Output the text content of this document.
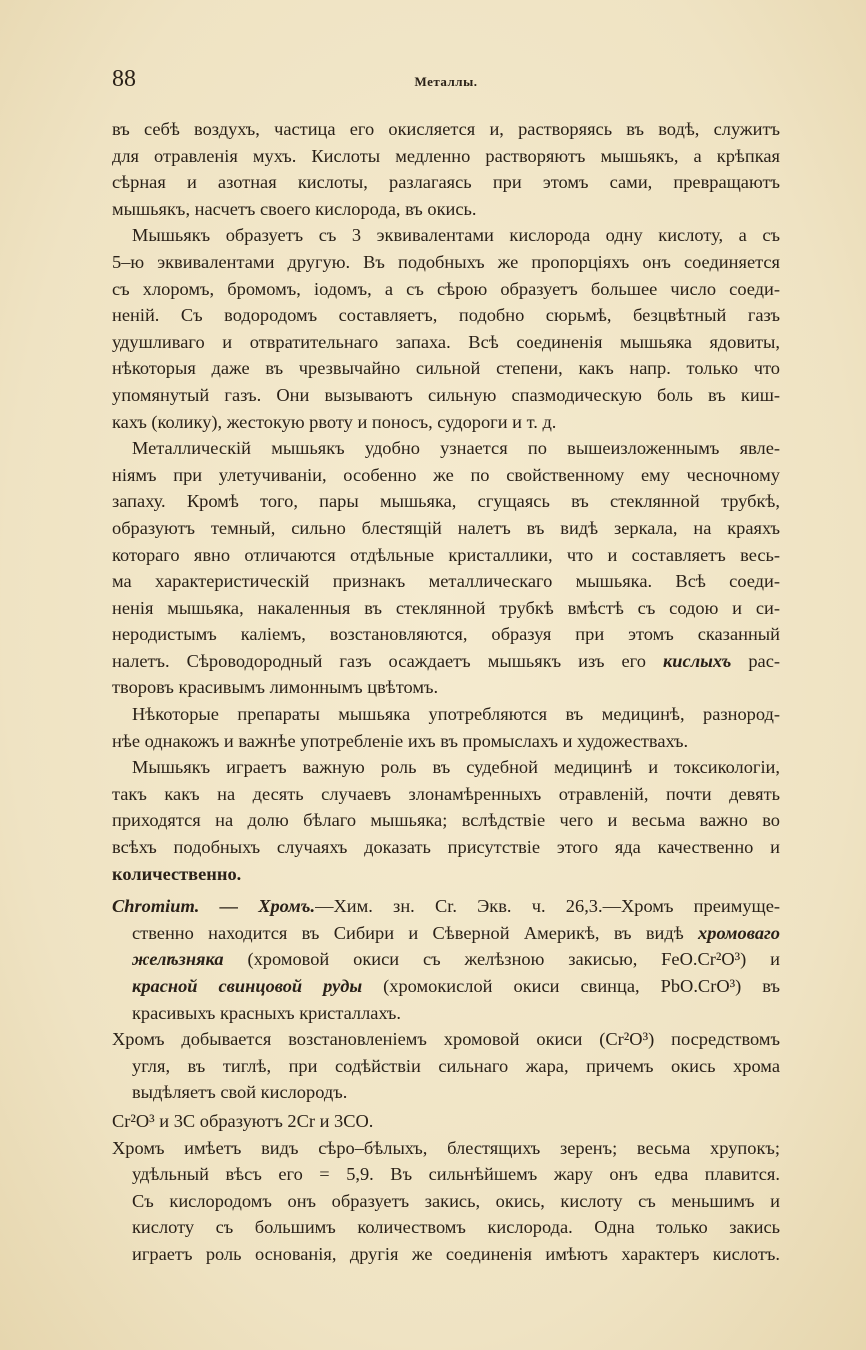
88	Металлы.
въ себѣ воздухъ, частица его окисляется и, растворяясь въ водѣ, служитъ
для отравленія мухъ. Кислоты медленно растворяютъ мышьякъ, а крѣпкая
сѣрная и азотная кислоты, разлагаясь при этомъ сами, превращаютъ
мышьякъ, насчетъ своего кислорода, въ окись.
Мышьякъ образуетъ съ 3 эквивалентами кислорода одну кислоту, а съ
5–ю эквивалентами другую. Въ подобныхъ же пропорціяхъ онъ соединяется
съ хлоромъ, бромомъ, іодомъ, а съ сѣрою образуетъ большее число соеди-
неній. Съ водородомъ составляетъ, подобно сюрьмѣ, безцвѣтный газъ
удушливаго и отвратительнаго запаха. Всѣ соединенія мышьяка ядовиты,
нѣкоторыя даже въ чрезвычайно сильной степени, какъ напр. только что
упомянутый газъ. Они вызываютъ сильную спазмодическую боль въ киш-
кахъ (колику), жестокую рвоту и поносъ, судороги и т. д.
Металлическій мышьякъ удобно узнается по вышеизложеннымъ явле-
ніямъ при улетучиваніи, особенно же по свойственному ему чесночному
запаху. Кромѣ того, пары мышьяка, сгущаясь въ стеклянной трубкѣ,
образуютъ темный, сильно блестящій налетъ въ видѣ зеркала, на краяхъ
котораго явно отличаются отдѣльные кристаллики, что и составляетъ весь-
ма характеристическій признакъ металлическаго мышьяка. Всѣ соеди-
ненія мышьяка, накаленныя въ стеклянной трубкѣ вмѣстѣ съ содою и си-
неродистымъ каліемъ, возстановляются, образуя при этомъ сказанный
налетъ. Сѣроводородный газъ осаждаетъ мышьякъ изъ его кислыхъ рас-
творовъ красивымъ лимоннымъ цвѣтомъ.
Нѣкоторые препараты мышьяка употребляются въ медицинѣ, разнород-
нѣе однакожъ и важнѣе употребленіе ихъ въ промыслахъ и художествахъ.
Мышьякъ играетъ важную роль въ судебной медицинѣ и токсикологіи,
такъ какъ на десять случаевъ злонамѣренныхъ отравленій, почти девять
приходятся на долю бѣлаго мышьяка; вслѣдствіе чего и весьма важно во
всѣхъ подобныхъ случаяхъ доказать присутствіе этого яда качественно и
количественно.
Chromium. — Хромъ.—Хим. зн. Cr. Экв. ч. 26,3.—Хромъ преимуще-
ственно находится въ Сибири и Сѣверной Америкѣ, въ видѣ хромоваго
желѣзняка (хромовой окиси съ желѣзною закисью, FeO.Cr²O³) и
красной свинцовой руды (хромокислой окиси свинца, PbO.CrO³) въ
красивыхъ красныхъ кристаллахъ.
Хромъ добывается возстановленіемъ хромовой окиси (Cr²O³) посредствомъ
угля, въ тиглѣ, при содѣйствіи сильнаго жара, причемъ окись хрома
выдѣляетъ свой кислородъ.
Cr²O³ и 3C образуютъ 2Cr и 3CO.
Хромъ имѣетъ видъ сѣро–бѣлыхъ, блестящихъ зеренъ; весьма хрупокъ;
удѣльный вѣсъ его = 5,9. Въ сильнѣйшемъ жару онъ едва плавится.
Съ кислородомъ онъ образуетъ закись, окись, кислоту съ меньшимъ и
кислоту съ большимъ количествомъ кислорода. Одна только закись
играетъ роль основанія, другія же соединенія имѣютъ характеръ кислотъ.
